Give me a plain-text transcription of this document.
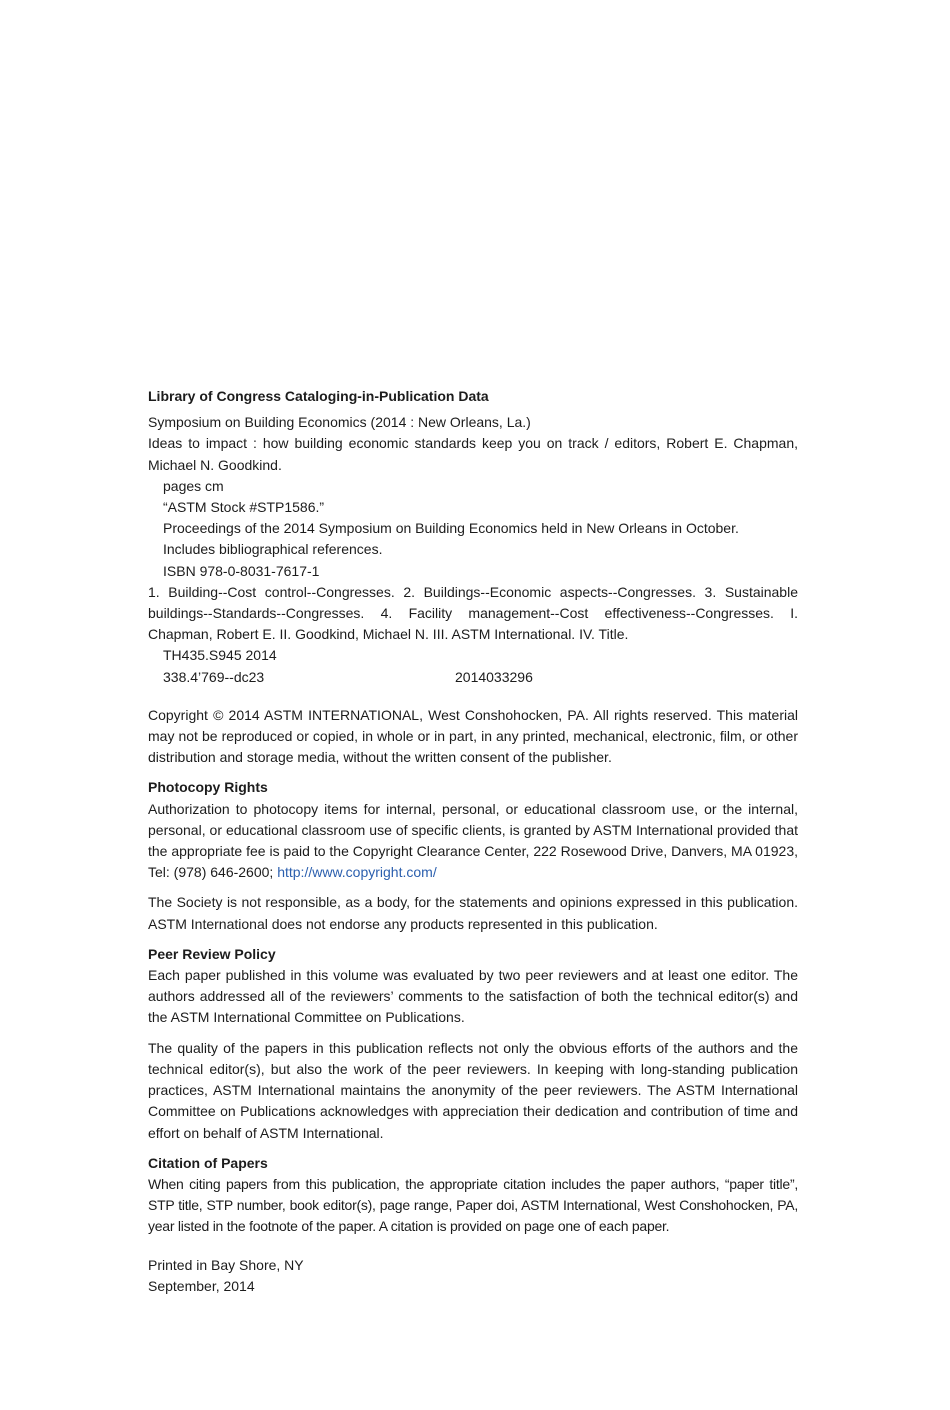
Library of Congress Cataloging-in-Publication Data

Symposium on Building Economics (2014 : New Orleans, La.)

Ideas to impact : how building economic standards keep you on track / editors, Robert E. Chapman, Michael N. Goodkind.

pages cm

“ASTM Stock #STP1586.”

Proceedings of the 2014 Symposium on Building Economics held in New Orleans in October.

Includes bibliographical references.

ISBN 978-0-8031-7617-1

1. Building--Cost control--Congresses. 2. Buildings--Economic aspects--Congresses. 3. Sustainable buildings--Standards--Congresses. 4. Facility management--Cost effectiveness--Congresses. I. Chapman, Robert E. II. Goodkind, Michael N. III. ASTM International. IV. Title.

TH435.S945 2014

338.4’769--dc23	2014033296

Copyright © 2014 ASTM INTERNATIONAL, West Conshohocken, PA. All rights reserved. This material may not be reproduced or copied, in whole or in part, in any printed, mechanical, electronic, film, or other distribution and storage media, without the written consent of the publisher.

Photocopy Rights

Authorization to photocopy items for internal, personal, or educational classroom use, or the internal, personal, or educational classroom use of specific clients, is granted by ASTM International provided that the appropriate fee is paid to the Copyright Clearance Center, 222 Rosewood Drive, Danvers, MA 01923, Tel: (978) 646-2600; http://www.copyright.com/

The Society is not responsible, as a body, for the statements and opinions expressed in this publication. ASTM International does not endorse any products represented in this publication.

Peer Review Policy

Each paper published in this volume was evaluated by two peer reviewers and at least one editor. The authors addressed all of the reviewers’ comments to the satisfaction of both the technical editor(s) and the ASTM International Committee on Publications.

The quality of the papers in this publication reflects not only the obvious efforts of the authors and the technical editor(s), but also the work of the peer reviewers. In keeping with long-standing publication practices, ASTM International maintains the anonymity of the peer reviewers. The ASTM International Committee on Publications acknowledges with appreciation their dedication and contribution of time and effort on behalf of ASTM International.

Citation of Papers

When citing papers from this publication, the appropriate citation includes the paper authors, “paper title”, STP title, STP number, book editor(s), page range, Paper doi, ASTM International, West Conshohocken, PA, year listed in the footnote of the paper. A citation is provided on page one of each paper.

Printed in Bay Shore, NY

September, 2014
